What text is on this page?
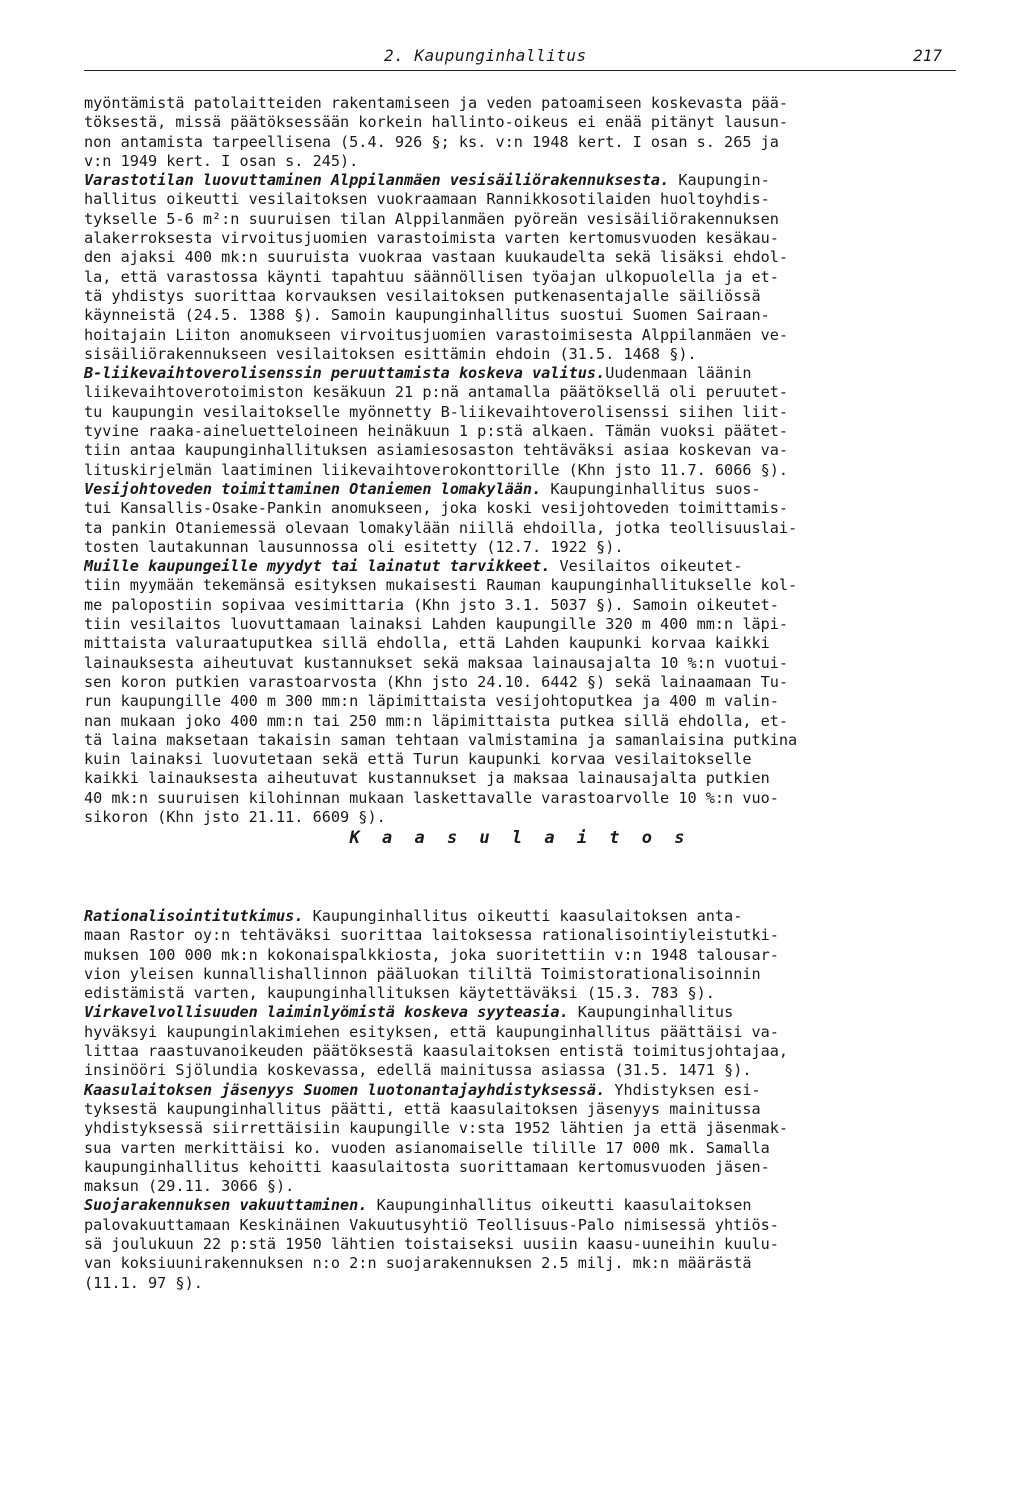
2. Kaupunginhallitus	217
myöntämistä patolaitteiden rakentamiseen ja veden patoamiseen koskevasta pää-
töksestä, missä päätöksessään korkein hallinto-oikeus ei enää pitänyt lausun-
non antamista tarpeellisena (5.4. 926 §; ks. v:n 1948 kert. I osan s. 265 ja
v:n 1949 kert. I osan s. 245).
Varastotilan luovuttaminen Alppilanmäen vesisäiliörakennuksesta. Kaupungin-
hallitus oikeutti vesilaitoksen vuokraamaan Rannikkosotilaiden huoltoyhdis-
tykselle 5-6 m²:n suuruisen tilan Alppilanmäen pyöreän vesisäiliörakennuksen
alakerroksesta virvoitusjuomien varastoimista varten kertomusvuoden kesäkau-
den ajaksi 400 mk:n suuruista vuokraa vastaan kuukaudelta sekä lisäksi ehdol-
la, että varastossa käynti tapahtuu säännöllisen työajan ulkopuolella ja et-
tä yhdistys suorittaa korvauksen vesilaitoksen putkenasentajalle säiliössä
käynneistä (24.5. 1388 §). Samoin kaupunginhallitus suostui Suomen Sairaan-
hoitajain Liiton anomukseen virvoitusjuomien varastoimisesta Alppilanmäen ve-
sisäiliörakennukseen vesilaitoksen esittämin ehdoin (31.5. 1468 §).
B-liikevaihtoverolisenssin peruuttamista koskeva valitus.Uudenmaan läänin
liikevaihtoverotoimiston kesäkuun 21 p:nä antamalla päätöksellä oli peruutet-
tu kaupungin vesilaitokselle myönnetty B-liikevaihtoverolisenssi siihen liit-
tyvine raaka-aineluetteloineen heinäkuun 1 p:stä alkaen. Tämän vuoksi päätet-
tiin antaa kaupunginhallituksen asiamiesosaston tehtäväksi asiaa koskevan va-
lituskirjelmän laatiminen liikevaihtoverokonttorille (Khn jsto 11.7. 6066 §).
Vesijohtoveden toimittaminen Otaniemen lomakylään. Kaupunginhallitus suos-
tui Kansallis-Osake-Pankin anomukseen, joka koski vesijohtoveden toimittamis-
ta pankin Otaniemessä olevaan lomakylään niillä ehdoilla, jotka teollisuuslai-
tosten lautakunnan lausunnossa oli esitetty (12.7. 1922 §).
Muille kaupungeille myydyt tai lainatut tarvikkeet. Vesilaitos oikeutet-
tiin myymään tekemänsä esityksen mukaisesti Rauman kaupunginhallitukselle kol-
me palopostiin sopivaa vesimittaria (Khn jsto 3.1. 5037 §). Samoin oikeutet-
tiin vesilaitos luovuttamaan lainaksi Lahden kaupungille 320 m 400 mm:n läpi-
mittaista valuraatuputkea sillä ehdolla, että Lahden kaupunki korvaa kaikki
lainauksesta aiheutuvat kustannukset sekä maksaa lainausajalta 10 %:n vuotui-
sen koron putkien varastoarvosta (Khn jsto 24.10. 6442 §) sekä lainaamaan Tu-
run kaupungille 400 m 300 mm:n läpimittaista vesijohtoputkea ja 400 m valin-
nan mukaan joko 400 mm:n tai 250 mm:n läpimittaista putkea sillä ehdolla, et-
tä laina maksetaan takaisin saman tehtaan valmistamina ja samanlaisina putkina
kuin lainaksi luovutetaan sekä että Turun kaupunki korvaa vesilaitokselle
kaikki lainauksesta aiheutuvat kustannukset ja maksaa lainausajalta putkien
40 mk:n suuruisen kilohinnan mukaan laskettavalle varastoarvolle 10 %:n vuo-
sikoron (Khn jsto 21.11. 6609 §).
K a a s u l a i t o s
Rationalisointitutkimus. Kaupunginhallitus oikeutti kaasulaitoksen anta-
maan Rastor oy:n tehtäväksi suorittaa laitoksessa rationalisointiyleistutki-
muksen 100 000 mk:n kokonaispalkkiosta, joka suoritettiin v:n 1948 talousar-
vion yleisen kunnallishallinnon pääluokan tililtä Toimistorationalisoinnin
edistämistä varten, kaupunginhallituksen käytettäväksi (15.3. 783 §).
Virkavelvollisuuden laiminlyömistä koskeva syyteasia. Kaupunginhallitus
hyväksyi kaupunginlakimiehen esityksen, että kaupunginhallitus päättäisi va-
littaa raastuvanoikeuden päätöksestä kaasulaitoksen entistä toimitusjohtajaa,
insinööri Sjölundia koskevassa, edellä mainitussa asiassa (31.5. 1471 §).
Kaasulaitoksen jäsenyys Suomen luotonantajayhdistyksessä. Yhdistyksen esi-
tyksestä kaupunginhallitus päätti, että kaasulaitoksen jäsenyys mainitussa
yhdistyksessä siirrettäisiin kaupungille v:sta 1952 lähtien ja että jäsenmak-
sua varten merkittäisi ko. vuoden asianomaiselle tilille 17 000 mk. Samalla
kaupunginhallitus kehoitti kaasulaitosta suorittamaan kertomusvuoden jäsen-
maksun (29.11. 3066 §).
Suojarakennuksen vakuuttaminen. Kaupunginhallitus oikeutti kaasulaitoksen
palovakuuttamaan Keskinäinen Vakuutusyhtiö Teollisuus-Palo nimisessä yhtiös-
sä joulukuun 22 p:stä 1950 lähtien toistaiseksi uusiin kaasu-uuneihin kuulu-
van koksiuunirakennuksen n:o 2:n suojarakennuksen 2.5 milj. mk:n määrästä
(11.1. 97 §).
